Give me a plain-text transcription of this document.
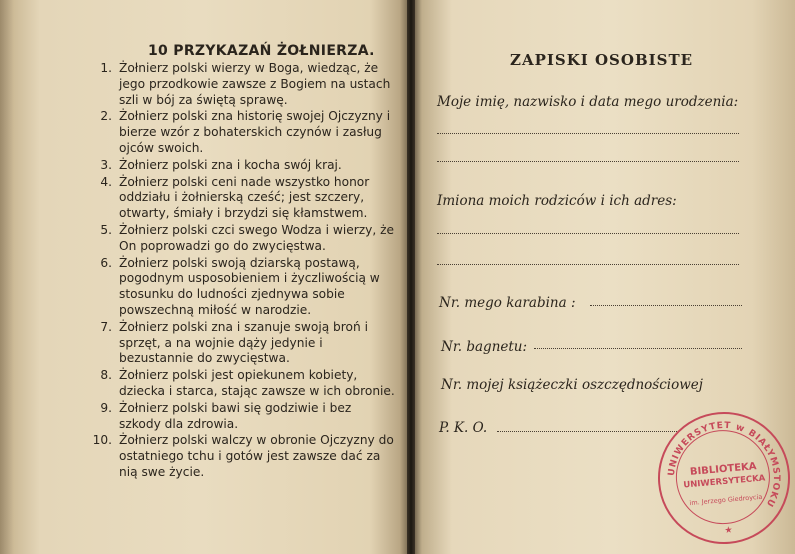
10 PRZYKAZAŃ ŻOŁNIERZA.
1. Żołnierz polski wierzy w Boga, wiedząc, że jego przodkowie zawsze z Bogiem na ustach szli w bój za świętą sprawę.
2. Żołnierz polski zna historię swojej Ojczyzny i bierze wzór z bohaterskich czynów i zasług ojców swoich.
3. Żołnierz polski zna i kocha swój kraj.
4. Żołnierz polski ceni nade wszystko honor oddziału i żołnierską cześć; jest szczery, otwarty, śmiały i brzydzi się kłamstwem.
5. Żołnierz polski czci swego Wodza i wierzy, że On poprowadzi go do zwycięstwa.
6. Żołnierz polski swoją dziarską postawą, pogodnym usposobieniem i życzliwością w stosunku do ludności zjednywa sobie powszechną miłość w narodzie.
7. Żołnierz polski zna i szanuje swoją broń i sprzęt, a na wojnie dąży jedynie i bezustannie do zwycięstwa.
8. Żołnierz polski jest opiekunem kobiety, dziecka i starca, stając zawsze w ich obronie.
9. Żołnierz polski bawi się godziwie i bez szkody dla zdrowia.
10. Żołnierz polski walczy w obronie Ojczyzny do ostatniego tchu i gotów jest zawsze dać za nią swe życie.
ZAPISKI OSOBISTE
Moje imię, nazwisko i data mego urodzenia:
Imiona moich rodziców i ich adres:
Nr. mego karabina :
Nr. bagnetu:
Nr. mojej książeczki oszczędnościowej
P. K. O.
UNIWERSYTET w BIAŁYMSTOKU
BIBLIOTEKA
UNIWERSYTECKA
im. Jerzego Giedroycia
★
